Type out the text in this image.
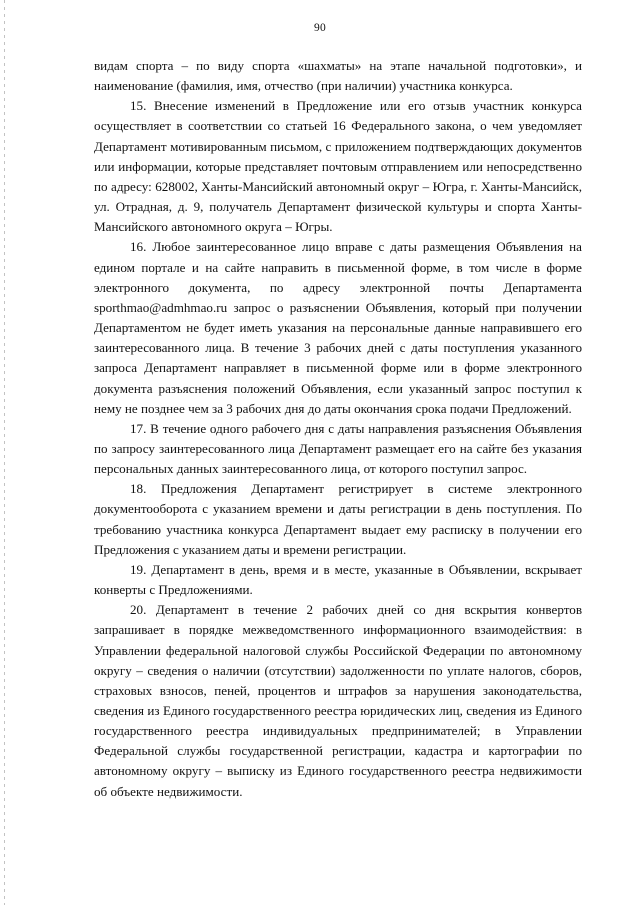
90

видам спорта – по виду спорта «шахматы» на этапе начальной подготовки», и наименование (фамилия, имя, отчество (при наличии) участника конкурса.

15. Внесение изменений в Предложение или его отзыв участник конкурса осуществляет в соответствии со статьей 16 Федерального закона, о чем уведомляет Департамент мотивированным письмом, с приложением подтверждающих документов или информации, которые представляет почтовым отправлением или непосредственно по адресу: 628002, Ханты-Мансийский автономный округ – Югра, г. Ханты-Мансийск, ул. Отрадная, д. 9, получатель Департамент физической культуры и спорта Ханты-Мансийского автономного округа – Югры.

16. Любое заинтересованное лицо вправе с даты размещения Объявления на едином портале и на сайте направить в письменной форме, в том числе в форме электронного документа, по адресу электронной почты Департамента sporthmao@admhmao.ru запрос о разъяснении Объявления, который при получении Департаментом не будет иметь указания на персональные данные направившего его заинтересованного лица. В течение 3 рабочих дней с даты поступления указанного запроса Департамент направляет в письменной форме или в форме электронного документа разъяснения положений Объявления, если указанный запрос поступил к нему не позднее чем за 3 рабочих дня до даты окончания срока подачи Предложений.

17. В течение одного рабочего дня с даты направления разъяснения Объявления по запросу заинтересованного лица Департамент размещает его на сайте без указания персональных данных заинтересованного лица, от которого поступил запрос.

18. Предложения Департамент регистрирует в системе электронного документооборота с указанием времени и даты регистрации в день поступления. По требованию участника конкурса Департамент выдает ему расписку в получении его Предложения с указанием даты и времени регистрации.

19. Департамент в день, время и в месте, указанные в Объявлении, вскрывает конверты с Предложениями.

20. Департамент в течение 2 рабочих дней со дня вскрытия конвертов запрашивает в порядке межведомственного информационного взаимодействия: в Управлении федеральной налоговой службы Российской Федерации по автономному округу – сведения о наличии (отсутствии) задолженности по уплате налогов, сборов, страховых взносов, пеней, процентов и штрафов за нарушения законодательства, сведения из Единого государственного реестра юридических лиц, сведения из Единого государственного реестра индивидуальных предпринимателей; в Управлении Федеральной службы государственной регистрации, кадастра и картографии по автономному округу – выписку из Единого государственного реестра недвижимости об объекте недвижимости.
